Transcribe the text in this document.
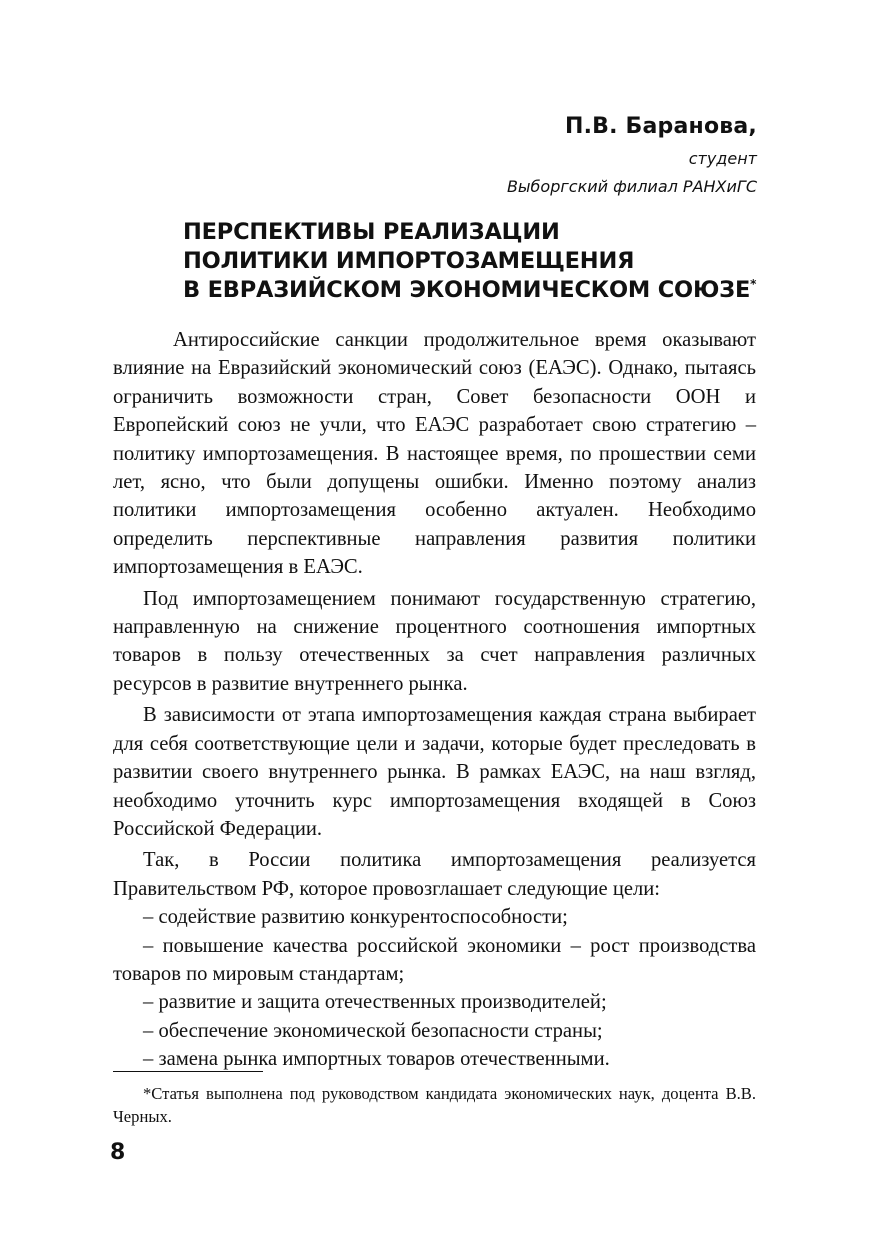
П.В. Баранова,
студент
Выборгский филиал РАНХиГС
ПЕРСПЕКТИВЫ РЕАЛИЗАЦИИ
ПОЛИТИКИ ИМПОРТОЗАМЕЩЕНИЯ
В ЕВРАЗИЙСКОМ ЭКОНОМИЧЕСКОМ СОЮЗЕ*

Антироссийские санкции продолжительное время оказывают влияние на Евразийский экономический союз (ЕАЭС). Однако, пытаясь ограничить возможности стран, Совет безопасности ООН и Европейский союз не учли, что ЕАЭС разработает свою стратегию – политику импортозамещения. В настоящее время, по прошествии семи лет, ясно, что были допущены ошибки. Именно поэтому анализ политики импортозамещения особенно актуален. Необходимо определить перспективные направления развития политики импортозамещения в ЕАЭС.

Под импортозамещением понимают государственную стратегию, направленную на снижение процентного соотношения импортных товаров в пользу отечественных за счет направления различных ресурсов в развитие внутреннего рынка.

В зависимости от этапа импортозамещения каждая страна выбирает для себя соответствующие цели и задачи, которые будет преследовать в развитии своего внутреннего рынка. В рамках ЕАЭС, на наш взгляд, необходимо уточнить курс импортозамещения входящей в Союз Российской Федерации.

Так, в России политика импортозамещения реализуется Правительством РФ, которое провозглашает следующие цели:

– содействие развитию конкурентоспособности;

– повышение качества российской экономики – рост производства товаров по мировым стандартам;

– развитие и защита отечественных производителей;

– обеспечение экономической безопасности страны;

– замена рынка импортных товаров отечественными.

*Статья выполнена под руководством кандидата экономических наук, доцента В.В. Черных.

8
